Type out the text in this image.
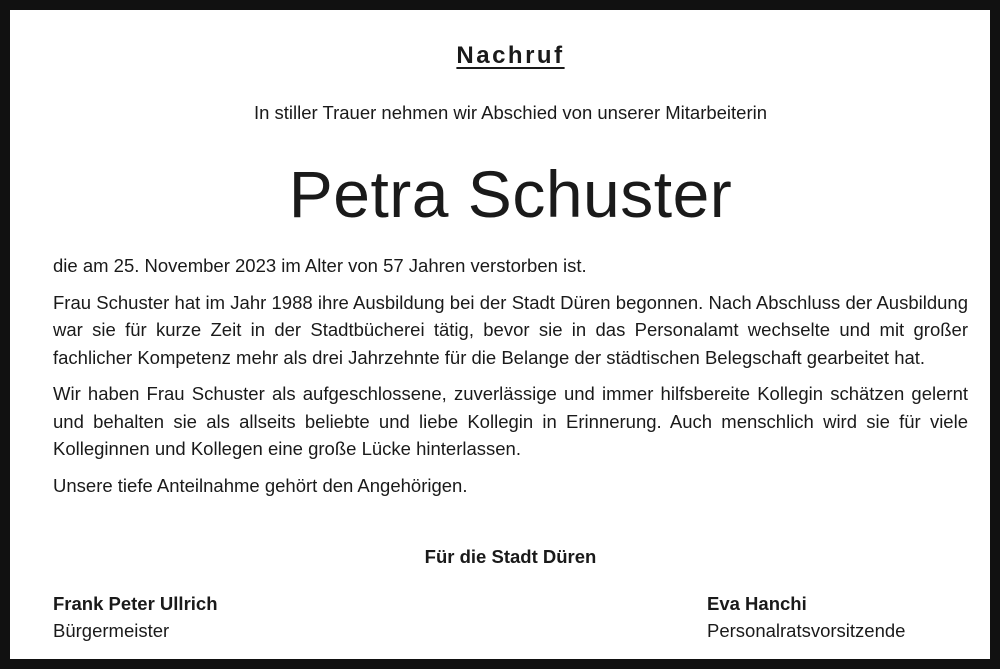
Nachruf
In stiller Trauer nehmen wir Abschied von unserer Mitarbeiterin
Petra Schuster

die am 25. November 2023 im Alter von 57 Jahren verstorben ist.

Frau Schuster hat im Jahr 1988 ihre Ausbildung bei der Stadt Düren begonnen. Nach Abschluss der Ausbildung war sie für kurze Zeit in der Stadtbücherei tätig, bevor sie in das Personalamt wechselte und mit großer fachlicher Kompetenz mehr als drei Jahrzehnte für die Belange der städtischen Belegschaft gearbeitet hat.

Wir haben Frau Schuster als aufgeschlossene, zuverlässige und immer hilfsbereite Kollegin schätzen gelernt und behalten sie als allseits beliebte und liebe Kollegin in Erinnerung. Auch menschlich wird sie für viele Kolleginnen und Kollegen eine große Lücke hinterlassen.

Unsere tiefe Anteilnahme gehört den Angehörigen.

Für die Stadt Düren
Frank Peter Ullrich
Bürgermeister
Eva Hanchi
Personalratsvorsitzende
